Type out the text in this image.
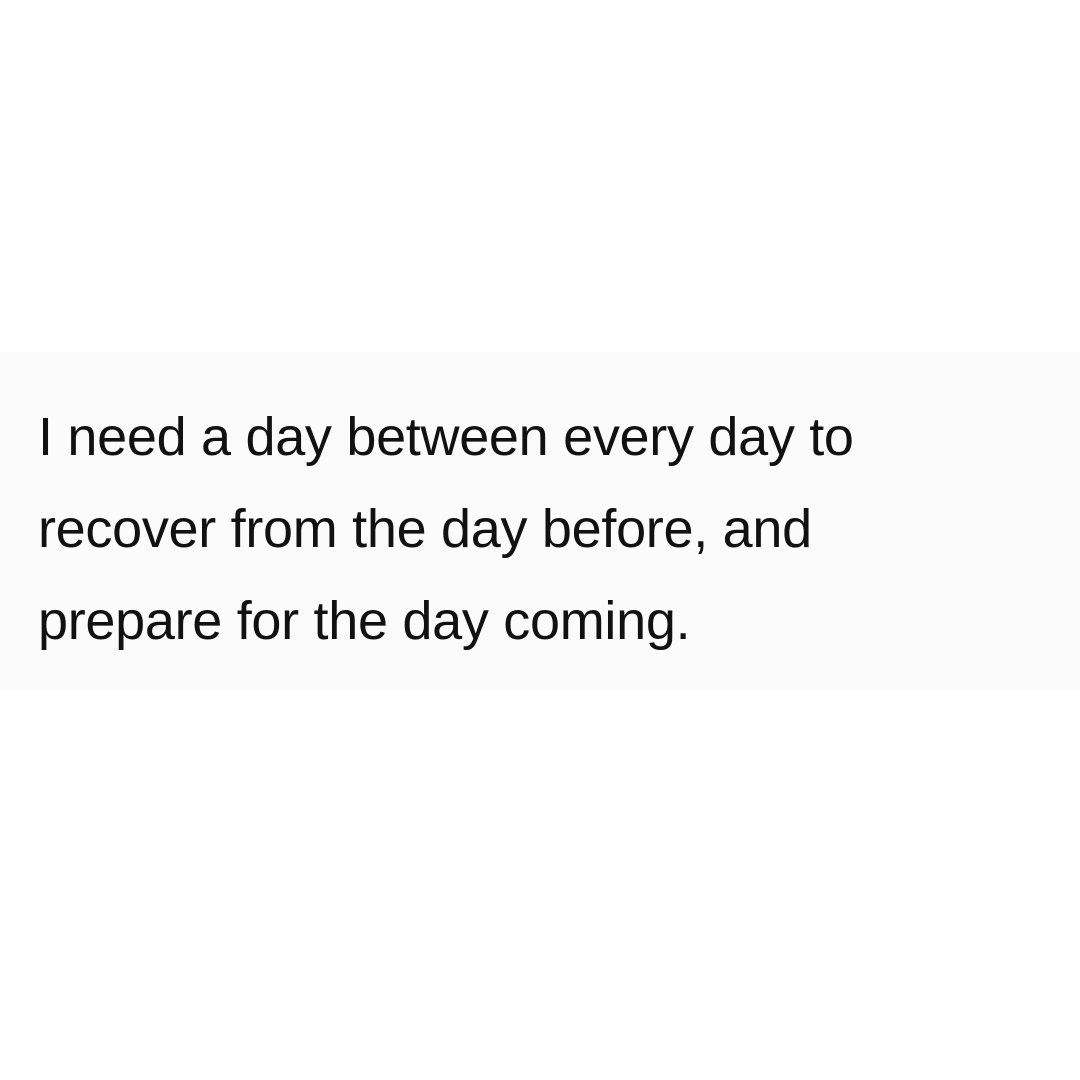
I need a day between every day to
recover from the day before, and
prepare for the day coming.
